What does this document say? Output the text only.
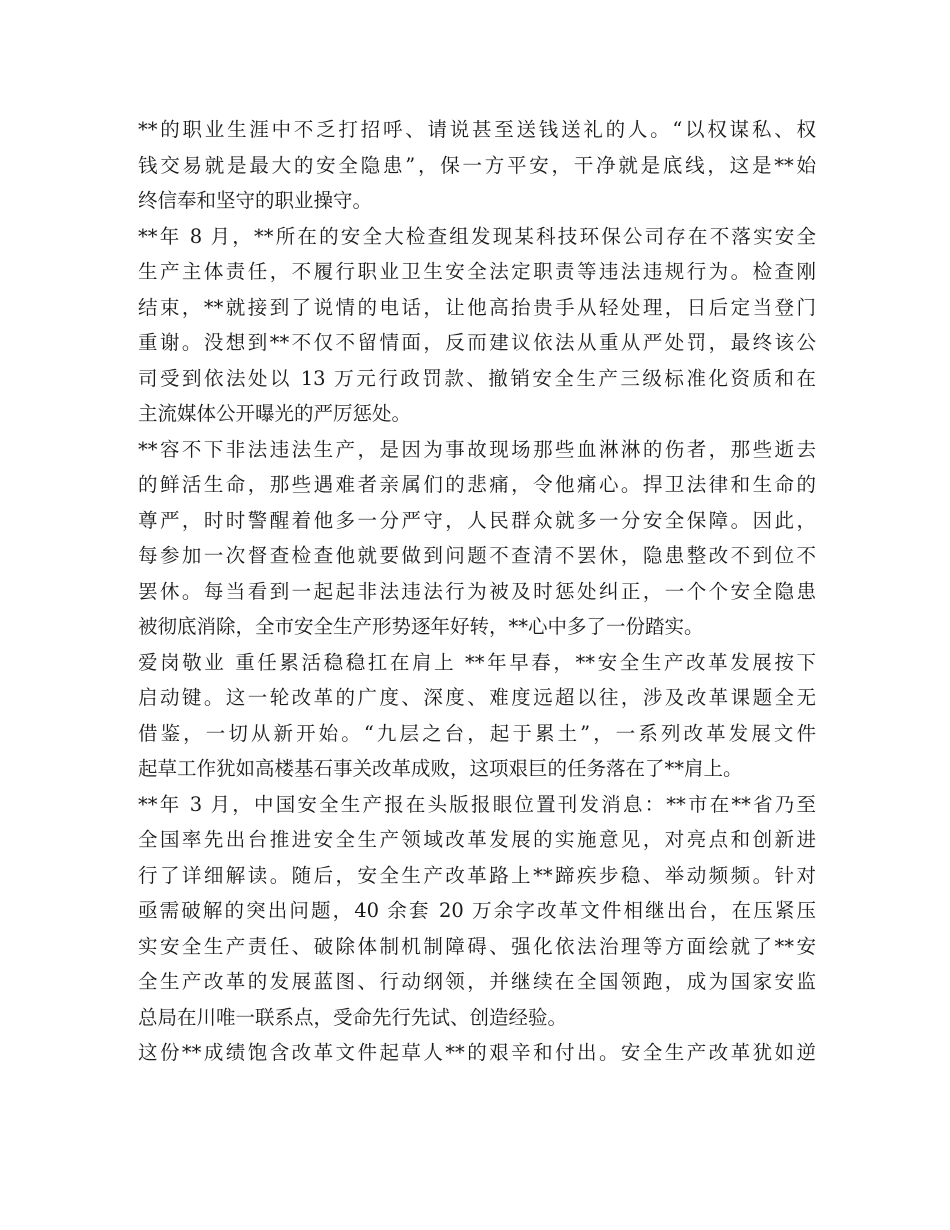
**的职业生涯中不乏打招呼、请说甚至送钱送礼的人。“以权谋私、权
钱交易就是最大的安全隐患”，保一方平安，干净就是底线，这是**始
终信奉和坚守的职业操守。
**年 8 月，**所在的安全大检查组发现某科技环保公司存在不落实安全
生产主体责任，不履行职业卫生安全法定职责等违法违规行为。检查刚
结束，**就接到了说情的电话，让他高抬贵手从轻处理，日后定当登门
重谢。没想到**不仅不留情面，反而建议依法从重从严处罚，最终该公
司受到依法处以 13 万元行政罚款、撤销安全生产三级标准化资质和在
主流媒体公开曝光的严厉惩处。
**容不下非法违法生产，是因为事故现场那些血淋淋的伤者，那些逝去
的鲜活生命，那些遇难者亲属们的悲痛，令他痛心。捍卫法律和生命的
尊严，时时警醒着他多一分严守，人民群众就多一分安全保障。因此，
每参加一次督查检查他就要做到问题不查清不罢休，隐患整改不到位不
罢休。每当看到一起起非法违法行为被及时惩处纠正，一个个安全隐患
被彻底消除，全市安全生产形势逐年好转，**心中多了一份踏实。
爱岗敬业 重任累活稳稳扛在肩上 **年早春，**安全生产改革发展按下
启动键。这一轮改革的广度、深度、难度远超以往，涉及改革课题全无
借鉴，一切从新开始。“九层之台，起于累土”，一系列改革发展文件
起草工作犹如高楼基石事关改革成败，这项艰巨的任务落在了**肩上。
**年 3 月，中国安全生产报在头版报眼位置刊发消息：**市在**省乃至
全国率先出台推进安全生产领域改革发展的实施意见，对亮点和创新进
行了详细解读。随后，安全生产改革路上**蹄疾步稳、举动频频。针对
亟需破解的突出问题，40 余套 20 万余字改革文件相继出台，在压紧压
实安全生产责任、破除体制机制障碍、强化依法治理等方面绘就了**安
全生产改革的发展蓝图、行动纲领，并继续在全国领跑，成为国家安监
总局在川唯一联系点，受命先行先试、创造经验。
这份**成绩饱含改革文件起草人**的艰辛和付出。安全生产改革犹如逆
